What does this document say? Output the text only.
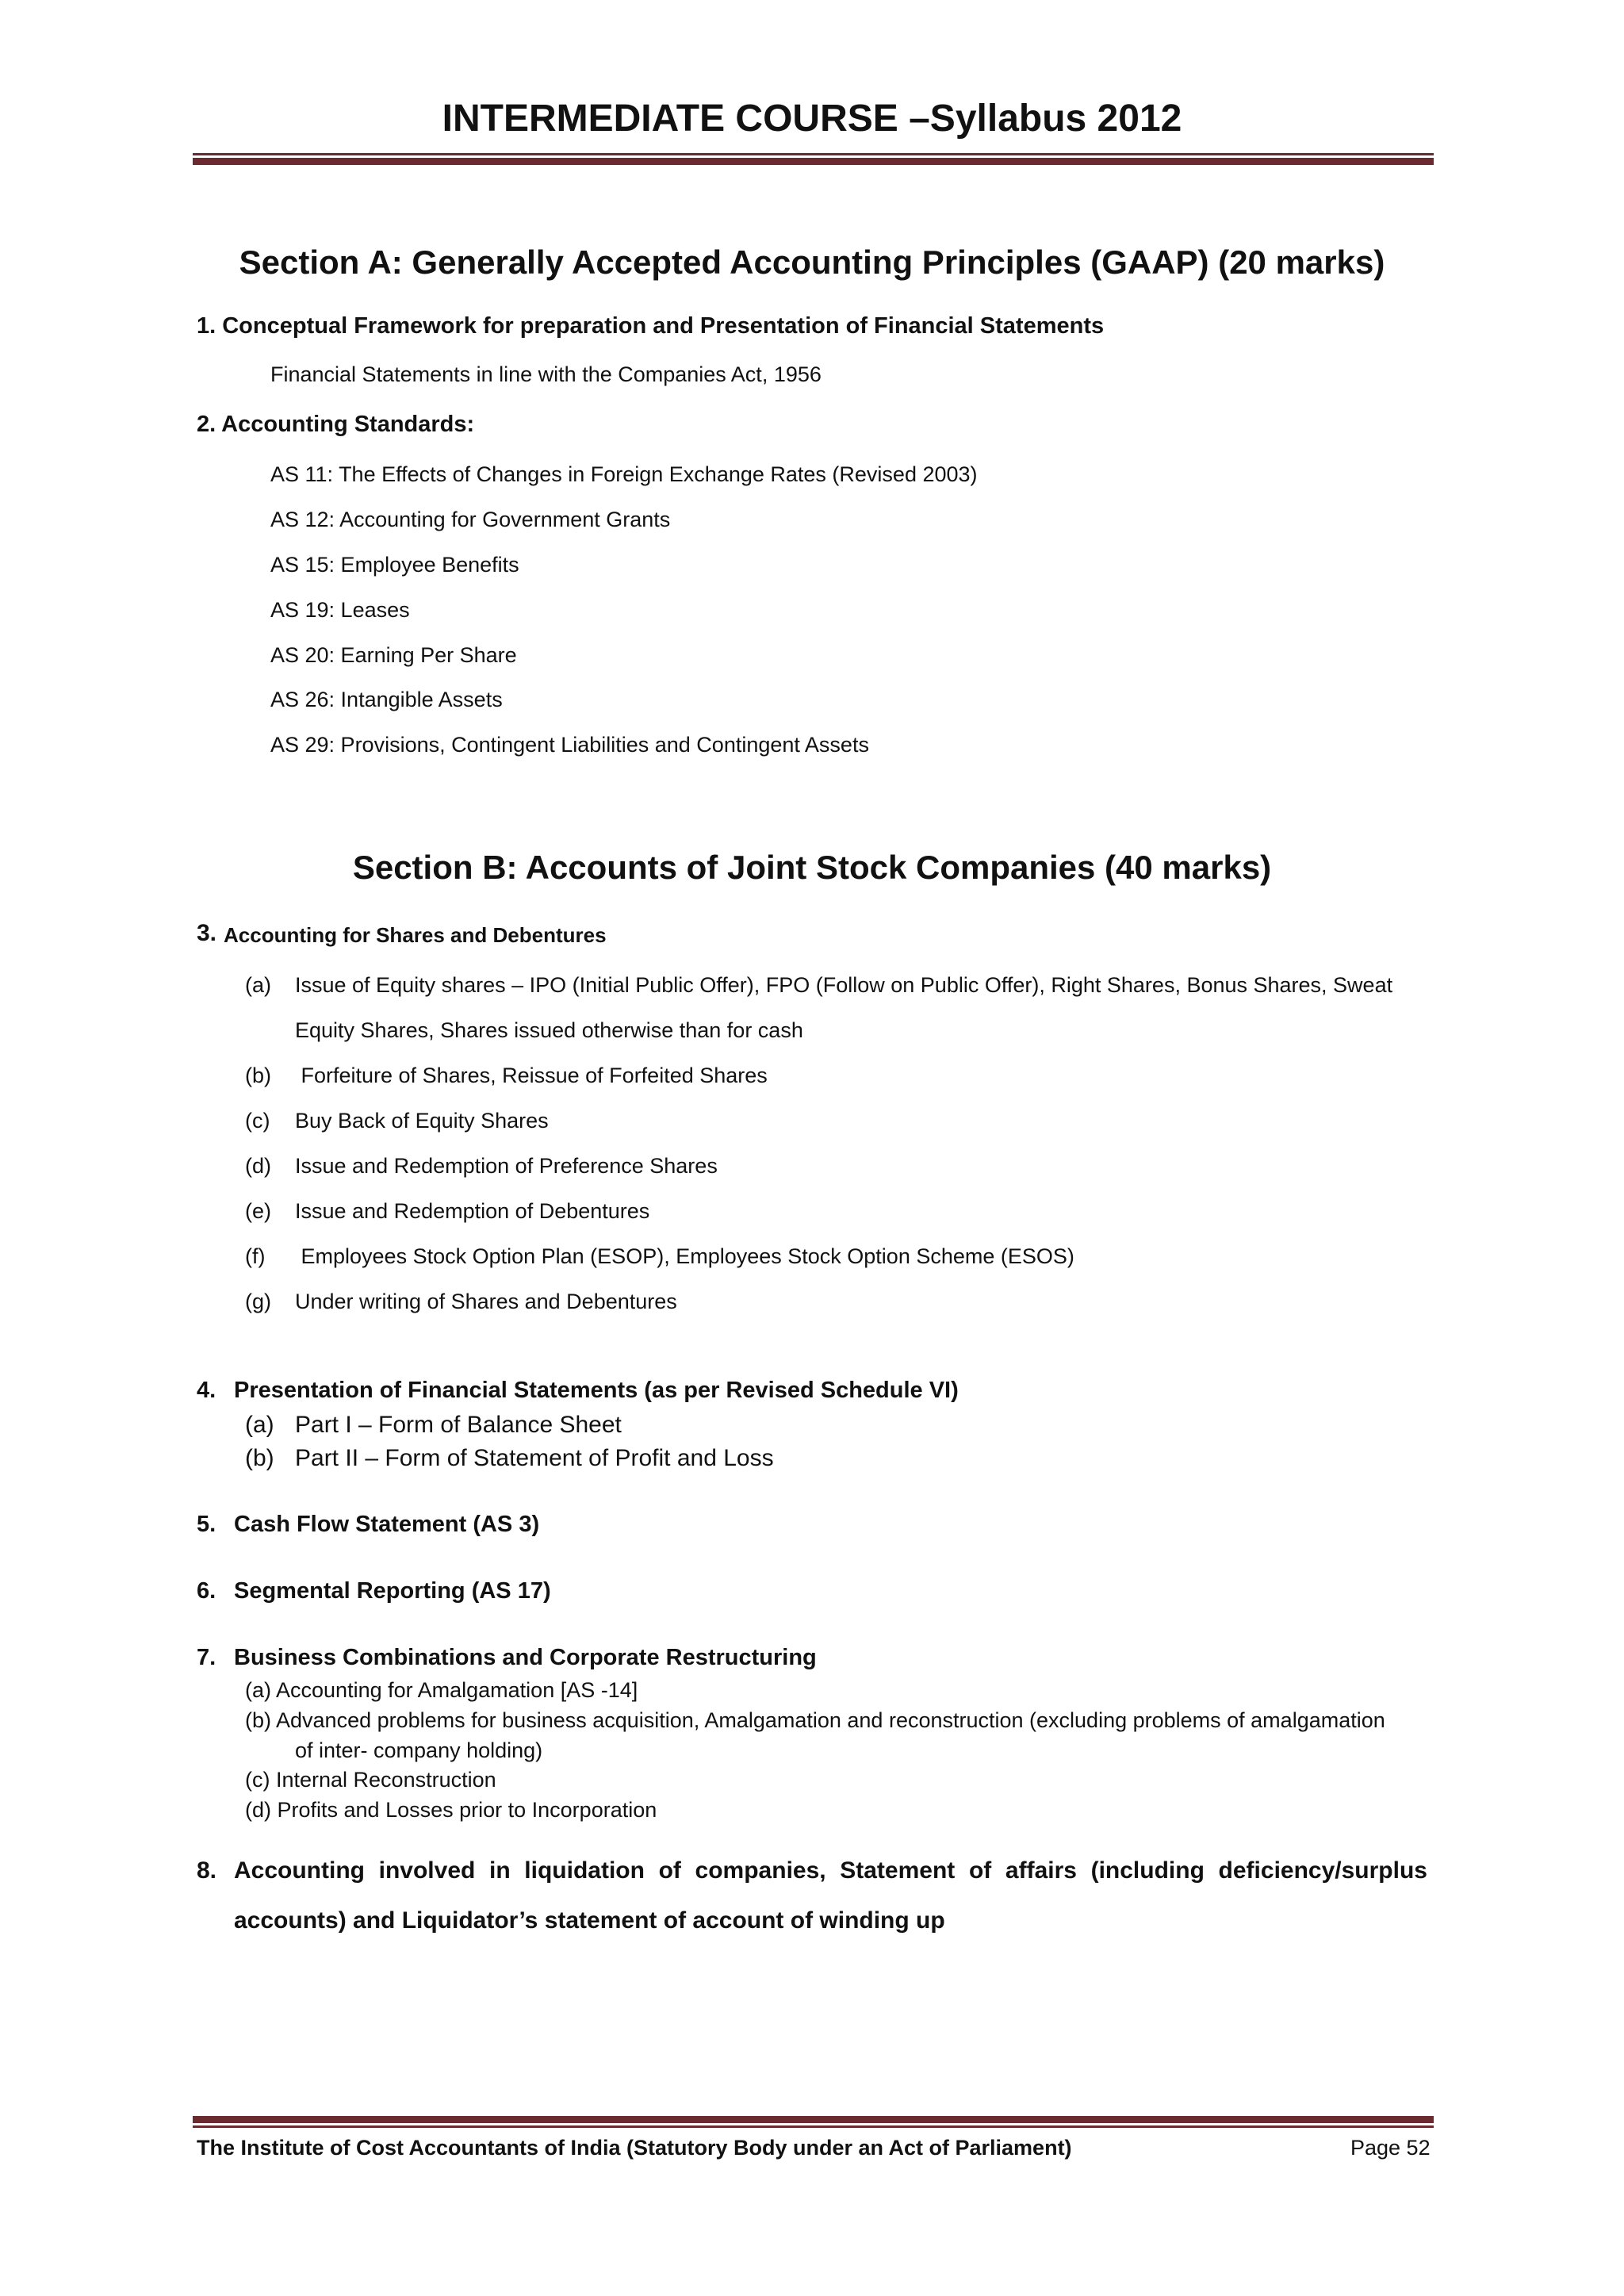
INTERMEDIATE COURSE –Syllabus 2012
Section A: Generally Accepted Accounting Principles (GAAP) (20 marks)
1. Conceptual Framework for preparation and Presentation of Financial Statements
Financial Statements in line with the Companies Act, 1956
2. Accounting Standards:
AS 11: The Effects of Changes in Foreign Exchange Rates (Revised 2003)
AS 12: Accounting for Government Grants
AS 15: Employee Benefits
AS 19: Leases
AS 20: Earning Per Share
AS 26: Intangible Assets
AS 29: Provisions, Contingent Liabilities and Contingent Assets
Section B: Accounts of Joint Stock Companies (40 marks)
3. Accounting for Shares and Debentures
(a) Issue of Equity shares – IPO (Initial Public Offer), FPO (Follow on Public Offer), Right Shares, Bonus Shares, Sweat
Equity Shares, Shares issued otherwise than for cash
(b) Forfeiture of Shares, Reissue of Forfeited Shares
(c) Buy Back of Equity Shares
(d) Issue and Redemption of Preference Shares
(e) Issue and Redemption of Debentures
(f) Employees Stock Option Plan (ESOP), Employees Stock Option Scheme (ESOS)
(g) Under writing of Shares and Debentures
4. Presentation of Financial Statements (as per Revised Schedule VI)
(a) Part I – Form of Balance Sheet
(b) Part II – Form of Statement of Profit and Loss
5. Cash Flow Statement (AS 3)
6. Segmental Reporting (AS 17)
7. Business Combinations and Corporate Restructuring
(a) Accounting for Amalgamation [AS -14]
(b) Advanced problems for business acquisition, Amalgamation and reconstruction (excluding problems of amalgamation
of inter- company holding)
(c) Internal Reconstruction
(d) Profits and Losses prior to Incorporation
8. Accounting involved in liquidation of companies, Statement of affairs (including deficiency/surplus
accounts) and Liquidator’s statement of account of winding up
The Institute of Cost Accountants of India (Statutory Body under an Act of Parliament)	Page 52
